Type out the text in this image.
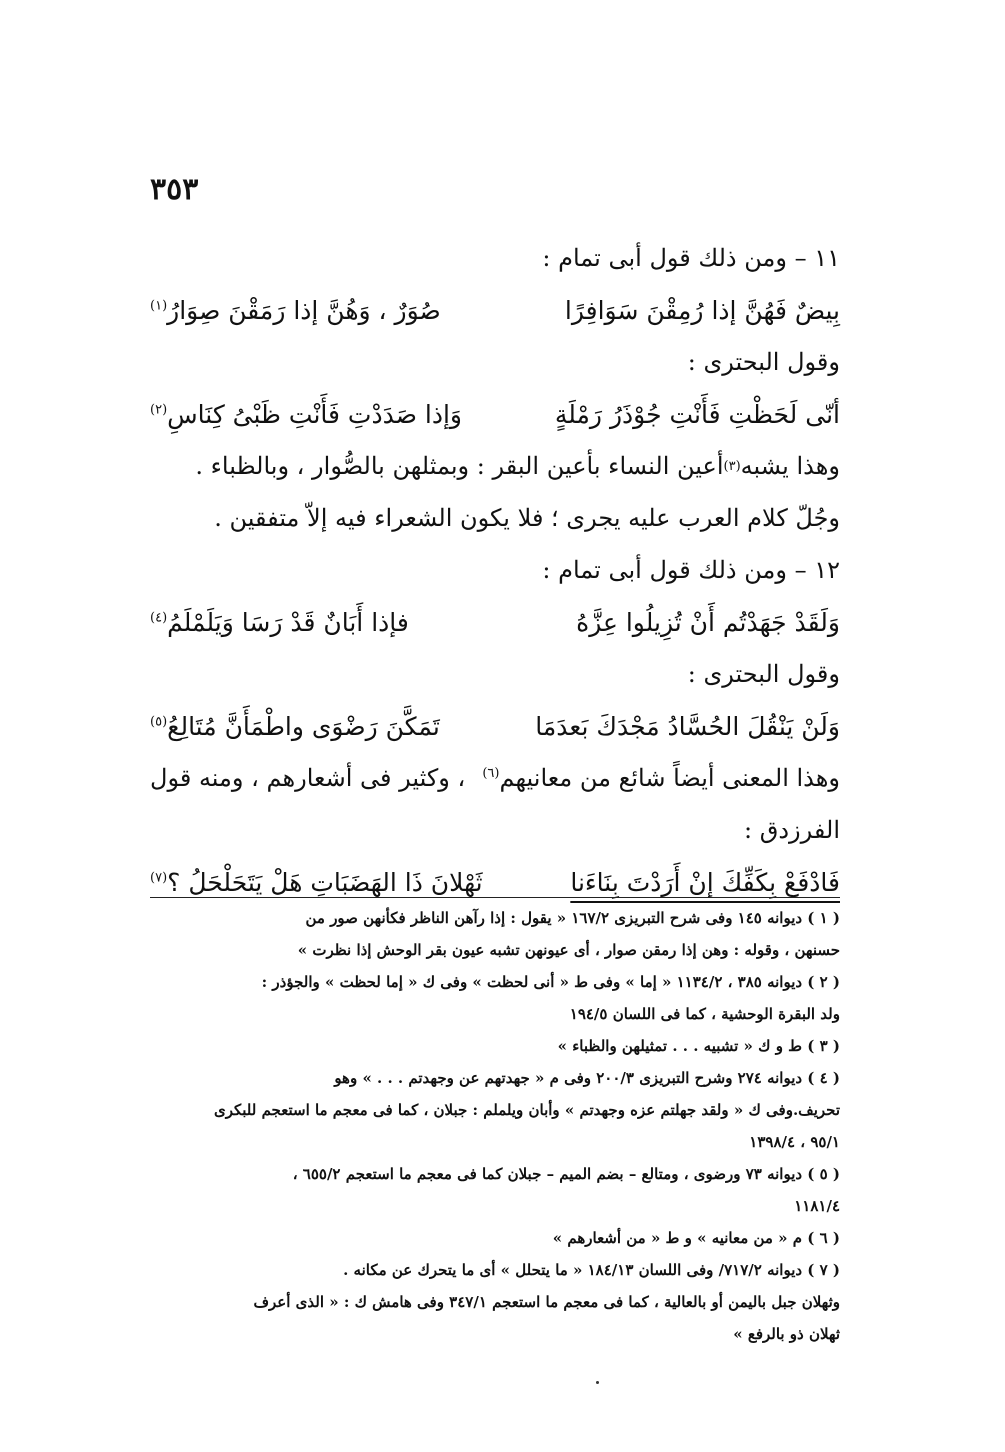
٣٥٣
١١ – ومن ذلك قول أبى تمام :
بِيضٌ فَهُنَّ إذا رُمِقْنَ سَوَافِرًا
صُوَرٌ ، وَهُنَّ إذا رَمَقْنَ صِوَارُ$^{(١)}$
وقول البحترى :
أنّى لَحَظْتِ فَأَنْتِ جُوْذَرُ رَمْلَةٍ
وَإذا صَدَدْتِ فَأَنْتِ ظَبْىُ كِنَاسِ$^{(٢)}$
وهذا يشبه
(٣)
أعين النساء بأعين البقر : وبمثلهن بالصُّوار ، وبالظباء .
وجُلّ كلام العرب عليه يجرى ؛ فلا يكون الشعراء فيه إلاّ متفقين .
١٢ – ومن ذلك قول أبى تمام :
وَلَقَدْ جَهَدْتُم أَنْ تُزِيلُوا عِزَّهُ
فإذا أَبَانٌ قَدْ رَسَا وَيَلَمْلَمُ$^{(٤)}$
وقول البحترى :
وَلَنْ يَنْقُلَ الحُسَّادُ مَجْدَكَ بَعدَمَا
تَمَكَّنَ رَضْوَى واطْمَأَنَّ مُتَالِعُ$^{(٥)}$
وهذا المعنى أيضاً شائع من معانيهم$^{(٦)}$
، وكثير فى أشعارهم ، ومنه قول
الفرزدق :
فَادْفَعْ بِكَفِّكَ إنْ أَرَدْتَ بِنَاءَنا
ثَهْلانَ ذَا الهَضَبَاتِ هَلْ يَتَحَلْحَلُ ؟$^{(٧)}$
( ١ ) ديوانه ١٤٥ وفى شرح التبريزى ١٦٧/٢ « يقول : إذا رآهن الناظر فكأنهن صور من
حسنهن ، وقوله : وهن إذا رمقن صوار ، أى عيونهن تشبه عيون بقر الوحش إذا نظرت »
( ٢ ) ديوانه ٣٨٥ ، ١١٣٤/٢ « إما » وفى ط « أنى لحظت » وفى ك « إما لحظت » والجؤذر :
ولد البقرة الوحشية ، كما فى اللسان ١٩٤/٥
( ٣ ) ط و ك « تشبيه . . . تمثيلهن والظباء »
( ٤ ) ديوانه ٢٧٤ وشرح التبريزى ٢٠٠/٣ وفى م « جهدتهم عن وجهدتم . . . » وهو
تحريف.وفى ك « ولقد جهلتم عزه وجهدتم » وأبان ويلملم : جبلان ، كما فى معجم ما استعجم للبكرى
٩٥/١ ، ١٣٩٨/٤
( ٥ ) ديوانه ٧٣ ورضوى ، ومتالع – بضم الميم – جبلان كما فى معجم ما استعجم ٦٥٥/٢ ،
١١٨١/٤
( ٦ ) م « من معانيه » و ط « من أشعارهم »
( ٧ ) ديوانه ٧١٧/٢/ وفى اللسان ١٨٤/١٣ « ما يتحلل » أى ما يتحرك عن مكانه .
وثهلان جبل باليمن أو بالعالية ، كما فى معجم ما استعجم ٣٤٧/١ وفى هامش ك : « الذى أعرف
ثهلان ذو بالرفع »
